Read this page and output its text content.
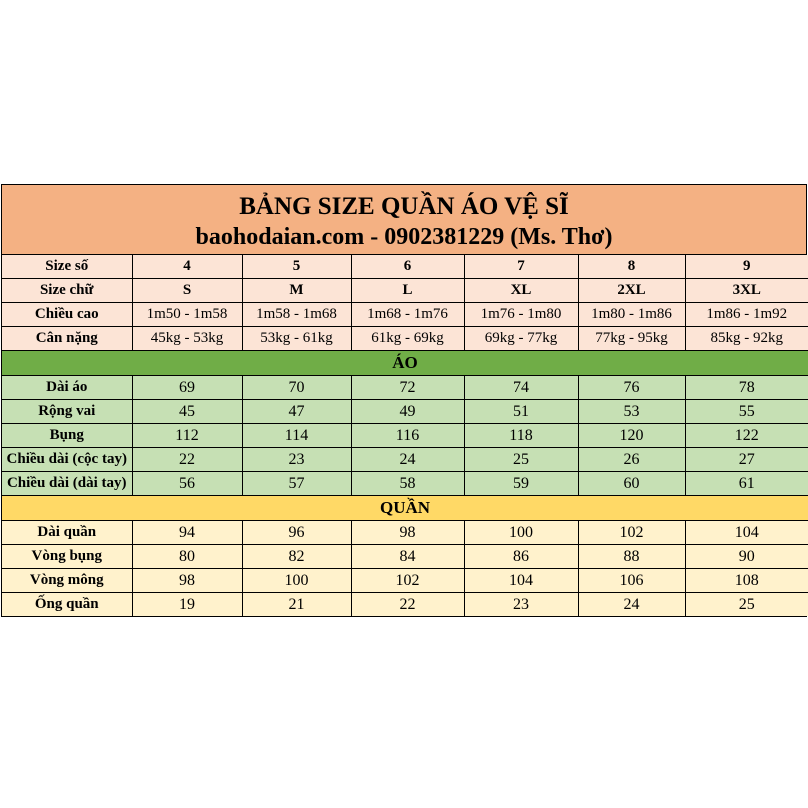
BẢNG SIZE QUẦN ÁO VỆ SĨ
baohodaian.com - 0902381229 (Ms. Thơ)
Size số	4	5	6	7	8	9
Size chữ	S	M	L	XL	2XL	3XL
Chiều cao	1m50 - 1m58	1m58 - 1m68	1m68 - 1m76	1m76 - 1m80	1m80 - 1m86	1m86 - 1m92
Cân nặng	45kg - 53kg	53kg - 61kg	61kg - 69kg	69kg - 77kg	77kg - 95kg	85kg - 92kg
ÁO						
Dài áo	69	70	72	74	76	78
Rộng vai	45	47	49	51	53	55
Bụng	112	114	116	118	120	122
Chiều dài (cộc tay)	22	23	24	25	26	27
Chiều dài (dài tay)	56	57	58	59	60	61
QUẦN						
Dài quần	94	96	98	100	102	104
Vòng bụng	80	82	84	86	88	90
Vòng mông	98	100	102	104	106	108
Ống quần	19	21	22	23	24	25
